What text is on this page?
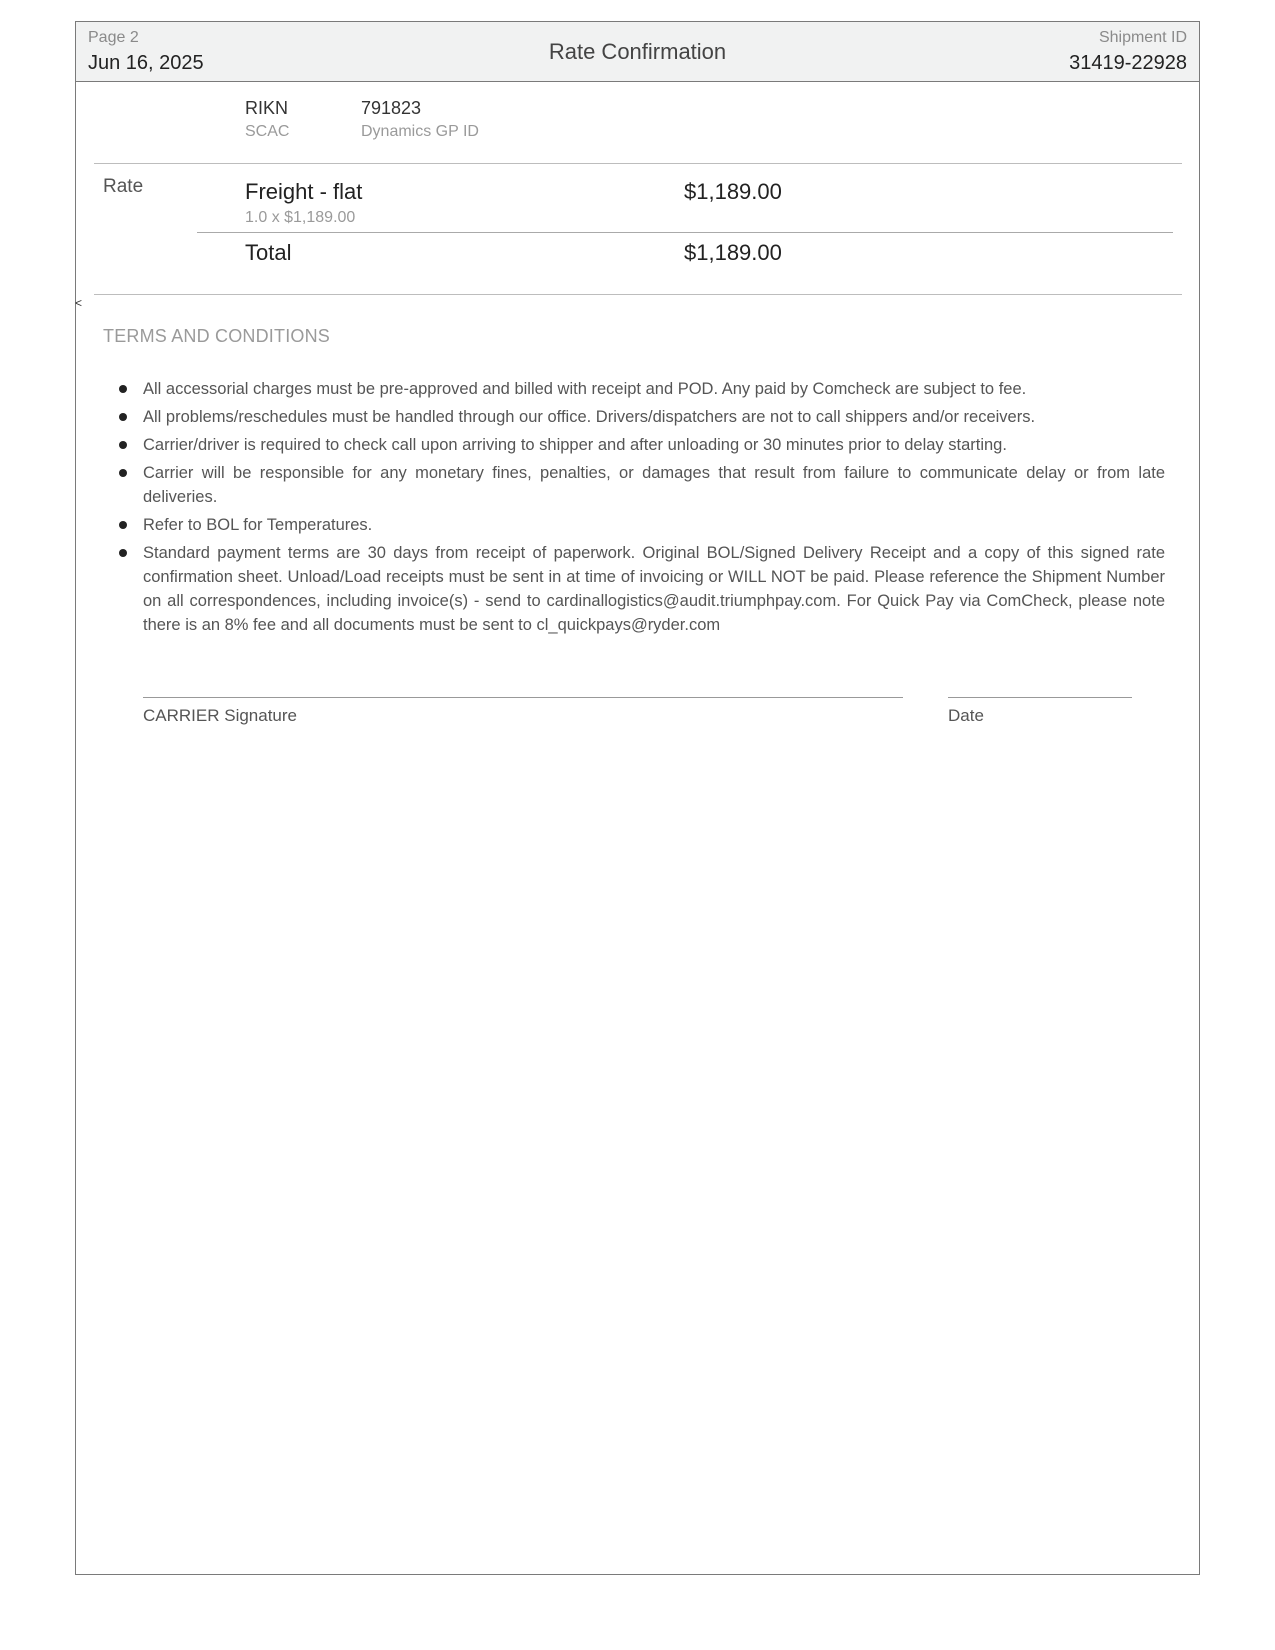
Page 2
Jun 16, 2025	Rate Confirmation
Shipment ID
31419-22928
RIKN	791823
SCAC	Dynamics GP ID
Rate	Freight - flat	$1,189.00
1.0 x $1,189.00
Total	$1,189.00
<
TERMS AND CONDITIONS
All accessorial charges must be pre-approved and billed with receipt and POD. Any paid by Comcheck are subject to fee.
All problems/reschedules must be handled through our office. Drivers/dispatchers are not to call shippers and/or receivers.
Carrier/driver is required to check call upon arriving to shipper and after unloading or 30 minutes prior to delay starting.
Carrier will be responsible for any monetary fines, penalties, or damages that result from failure to communicate delay or from late deliveries.
Refer to BOL for Temperatures.
Standard payment terms are 30 days from receipt of paperwork. Original BOL/Signed Delivery Receipt and a copy of this signed rate confirmation sheet. Unload/Load receipts must be sent in at time of invoicing or WILL NOT be paid. Please reference the Shipment Number on all correspondences, including invoice(s) - send to cardinallogistics@audit.triumphpay.com. For Quick Pay via ComCheck, please note there is an 8% fee and all documents must be sent to cl_quickpays@ryder.com
CARRIER Signature	Date
